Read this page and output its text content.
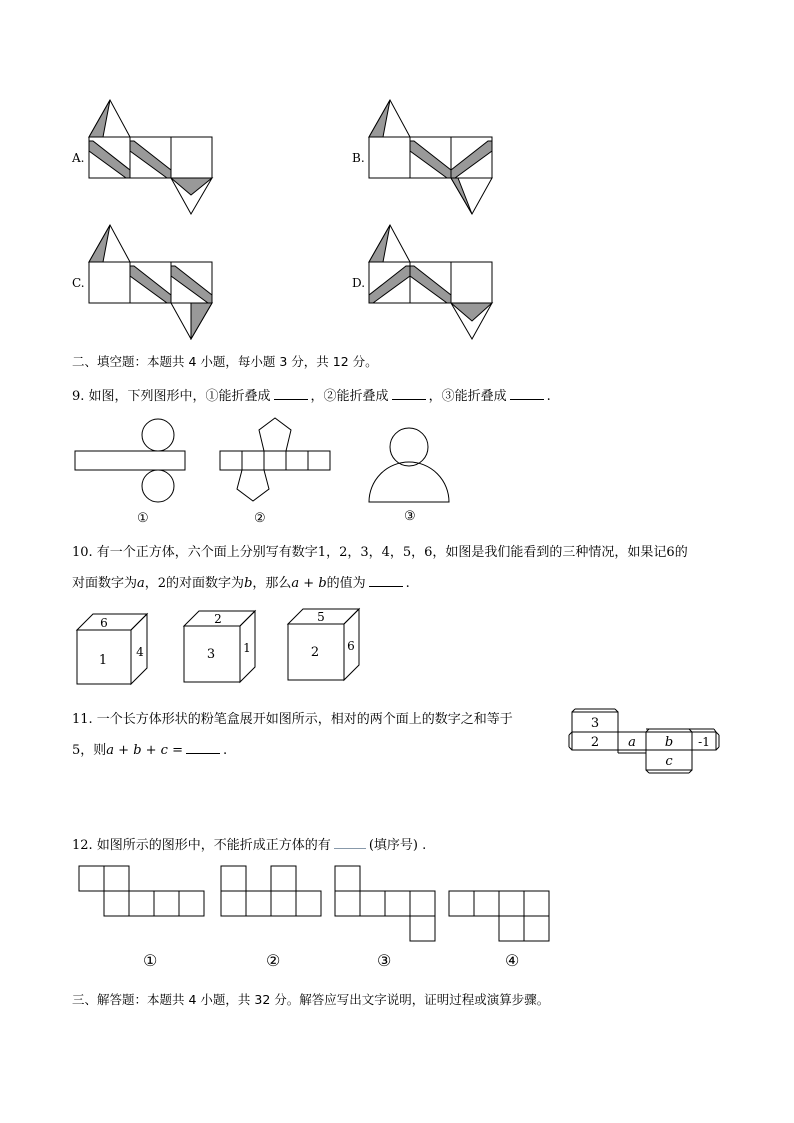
A.	B.
C.	D.
二、填空题：本题共 4 小题，每小题 3 分，共 12 分。
9. 如图，下列图形中，①能折叠成	，②能折叠成	，③能折叠成	.
①	②	③
10. 有一个正方体，六个面上分别写有数字1，2，3，4，5，6，如图是我们能看到的三种情况，如果记6的
对面数字为a，2的对面数字为b，那么a + b的值为	.
6
1
4
2
3 1
5
2 6
11. 一个长方体形状的粉笔盒展开如图所示，相对的两个面上的数字之和等于
5，则a + b + c =	.
3
2 a b -1
c
12. 如图所示的图形中，不能折成正方体的有	(填序号) .
①	②	③	④
三、解答题：本题共 4 小题，共 32 分。解答应写出文字说明，证明过程或演算步骤。
